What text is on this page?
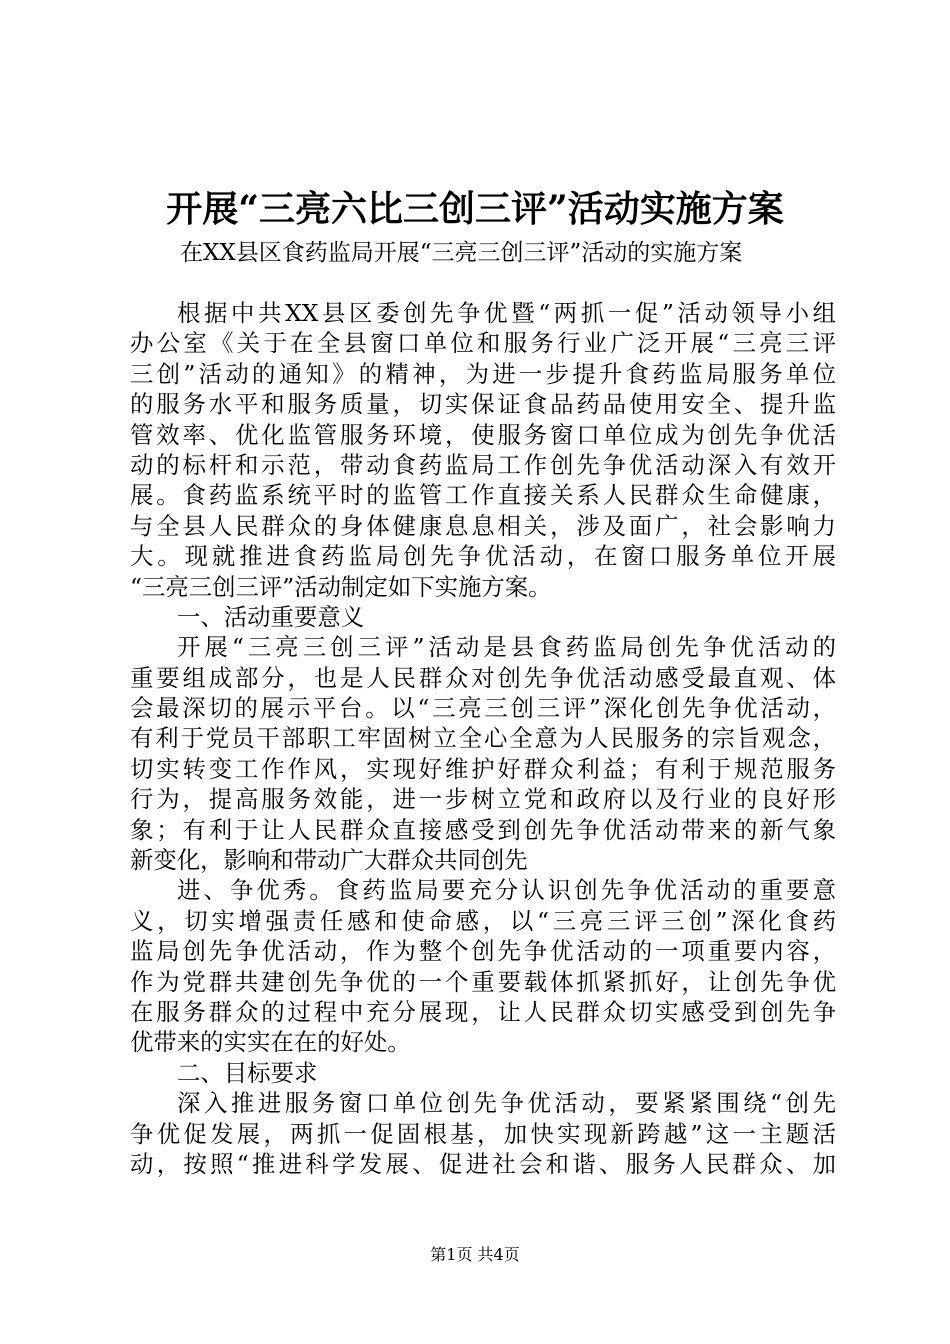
开展“三亮六比三创三评”活动实施方案
在XX县区食药监局开展“三亮三创三评”活动的实施方案
根据中共XX县区委创先争优暨“两抓一促”活动领导小组
办公室《关于在全县窗口单位和服务行业广泛开展“三亮三评
三创”活动的通知》的精神，为进一步提升食药监局服务单位
的服务水平和服务质量，切实保证食品药品使用安全、提升监
管效率、优化监管服务环境，使服务窗口单位成为创先争优活
动的标杆和示范，带动食药监局工作创先争优活动深入有效开
展。食药监系统平时的监管工作直接关系人民群众生命健康，
与全县人民群众的身体健康息息相关，涉及面广，社会影响力
大。现就推进食药监局创先争优活动，在窗口服务单位开展
“三亮三创三评”活动制定如下实施方案。
一、活动重要意义
开展“三亮三创三评”活动是县食药监局创先争优活动的
重要组成部分，也是人民群众对创先争优活动感受最直观、体
会最深切的展示平台。以“三亮三创三评”深化创先争优活动，
有利于党员干部职工牢固树立全心全意为人民服务的宗旨观念，
切实转变工作作风，实现好维护好群众利益；有利于规范服务
行为，提高服务效能，进一步树立党和政府以及行业的良好形
象；有利于让人民群众直接感受到创先争优活动带来的新气象
新变化，影响和带动广大群众共同创先
进、争优秀。食药监局要充分认识创先争优活动的重要意
义，切实增强责任感和使命感，以“三亮三评三创”深化食药
监局创先争优活动，作为整个创先争优活动的一项重要内容，
作为党群共建创先争优的一个重要载体抓紧抓好，让创先争优
在服务群众的过程中充分展现，让人民群众切实感受到创先争
优带来的实实在在的好处。
二、目标要求
深入推进服务窗口单位创先争优活动，要紧紧围绕“创先
争优促发展，两抓一促固根基，加快实现新跨越”这一主题活
动，按照“推进科学发展、促进社会和谐、服务人民群众、加
第1页 共4页
